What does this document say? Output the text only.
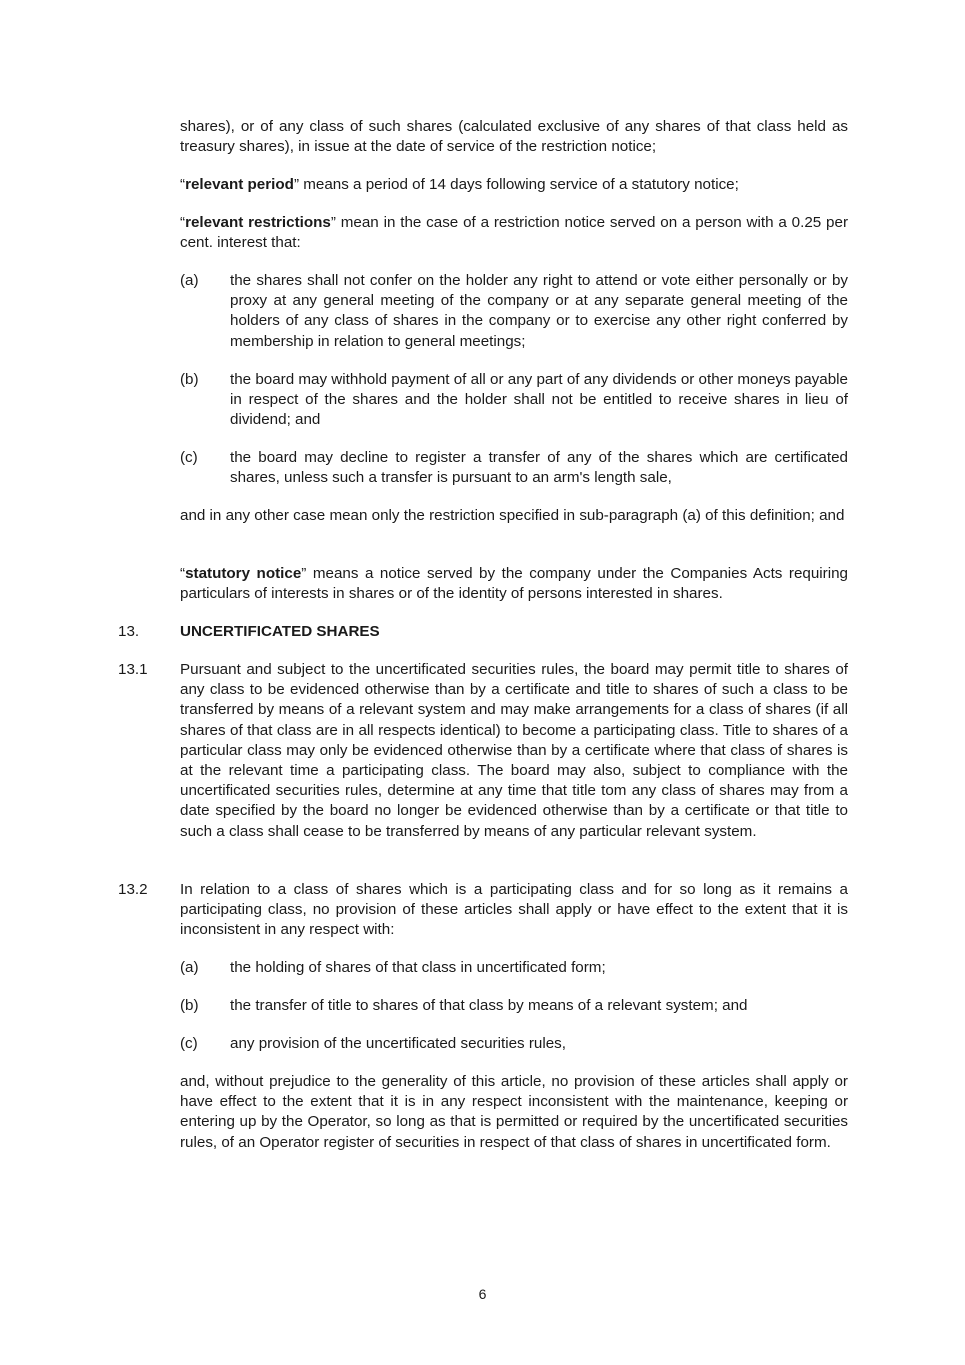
shares), or of any class of such shares (calculated exclusive of any shares of that class held as treasury shares), in issue at the date of service of the restriction notice;

“relevant period” means a period of 14 days following service of a statutory notice;

“relevant restrictions” mean in the case of a restriction notice served on a person with a 0.25 per cent. interest that:

(a)	the shares shall not confer on the holder any right to attend or vote either personally or by proxy at any general meeting of the company or at any separate general meeting of the holders of any class of shares in the company or to exercise any other right conferred by membership in relation to general meetings;

(b)	the board may withhold payment of all or any part of any dividends or other moneys payable in respect of the shares and the holder shall not be entitled to receive shares in lieu of dividend; and

(c)	the board may decline to register a transfer of any of the shares which are certificated shares, unless such a transfer is pursuant to an arm's length sale,

and in any other case mean only the restriction specified in sub-paragraph (a) of this definition; and

“statutory notice” means a notice served by the company under the Companies Acts requiring particulars of interests in shares or of the identity of persons interested in shares.

13.	UNCERTIFICATED SHARES
13.1	Pursuant and subject to the uncertificated securities rules, the board may permit title to shares of any class to be evidenced otherwise than by a certificate and title to shares of such a class to be transferred by means of a relevant system and may make arrangements for a class of shares (if all shares of that class are in all respects identical) to become a participating class. Title to shares of a particular class may only be evidenced otherwise than by a certificate where that class of shares is at the relevant time a participating class. The board may also, subject to compliance with the uncertificated securities rules, determine at any time that title tom any class of shares may from a date specified by the board no longer be evidenced otherwise than by a certificate or that title to such a class shall cease to be transferred by means of any particular relevant system.

13.2	In relation to a class of shares which is a participating class and for so long as it remains a participating class, no provision of these articles shall apply or have effect to the extent that it is inconsistent in any respect with:

(a)	the holding of shares of that class in uncertificated form;

(b)	the transfer of title to shares of that class by means of a relevant system; and

(c)	any provision of the uncertificated securities rules,

and, without prejudice to the generality of this article, no provision of these articles shall apply or have effect to the extent that it is in any respect inconsistent with the maintenance, keeping or entering up by the Operator, so long as that is permitted or required by the uncertificated securities rules, of an Operator register of securities in respect of that class of shares in uncertificated form.

6
